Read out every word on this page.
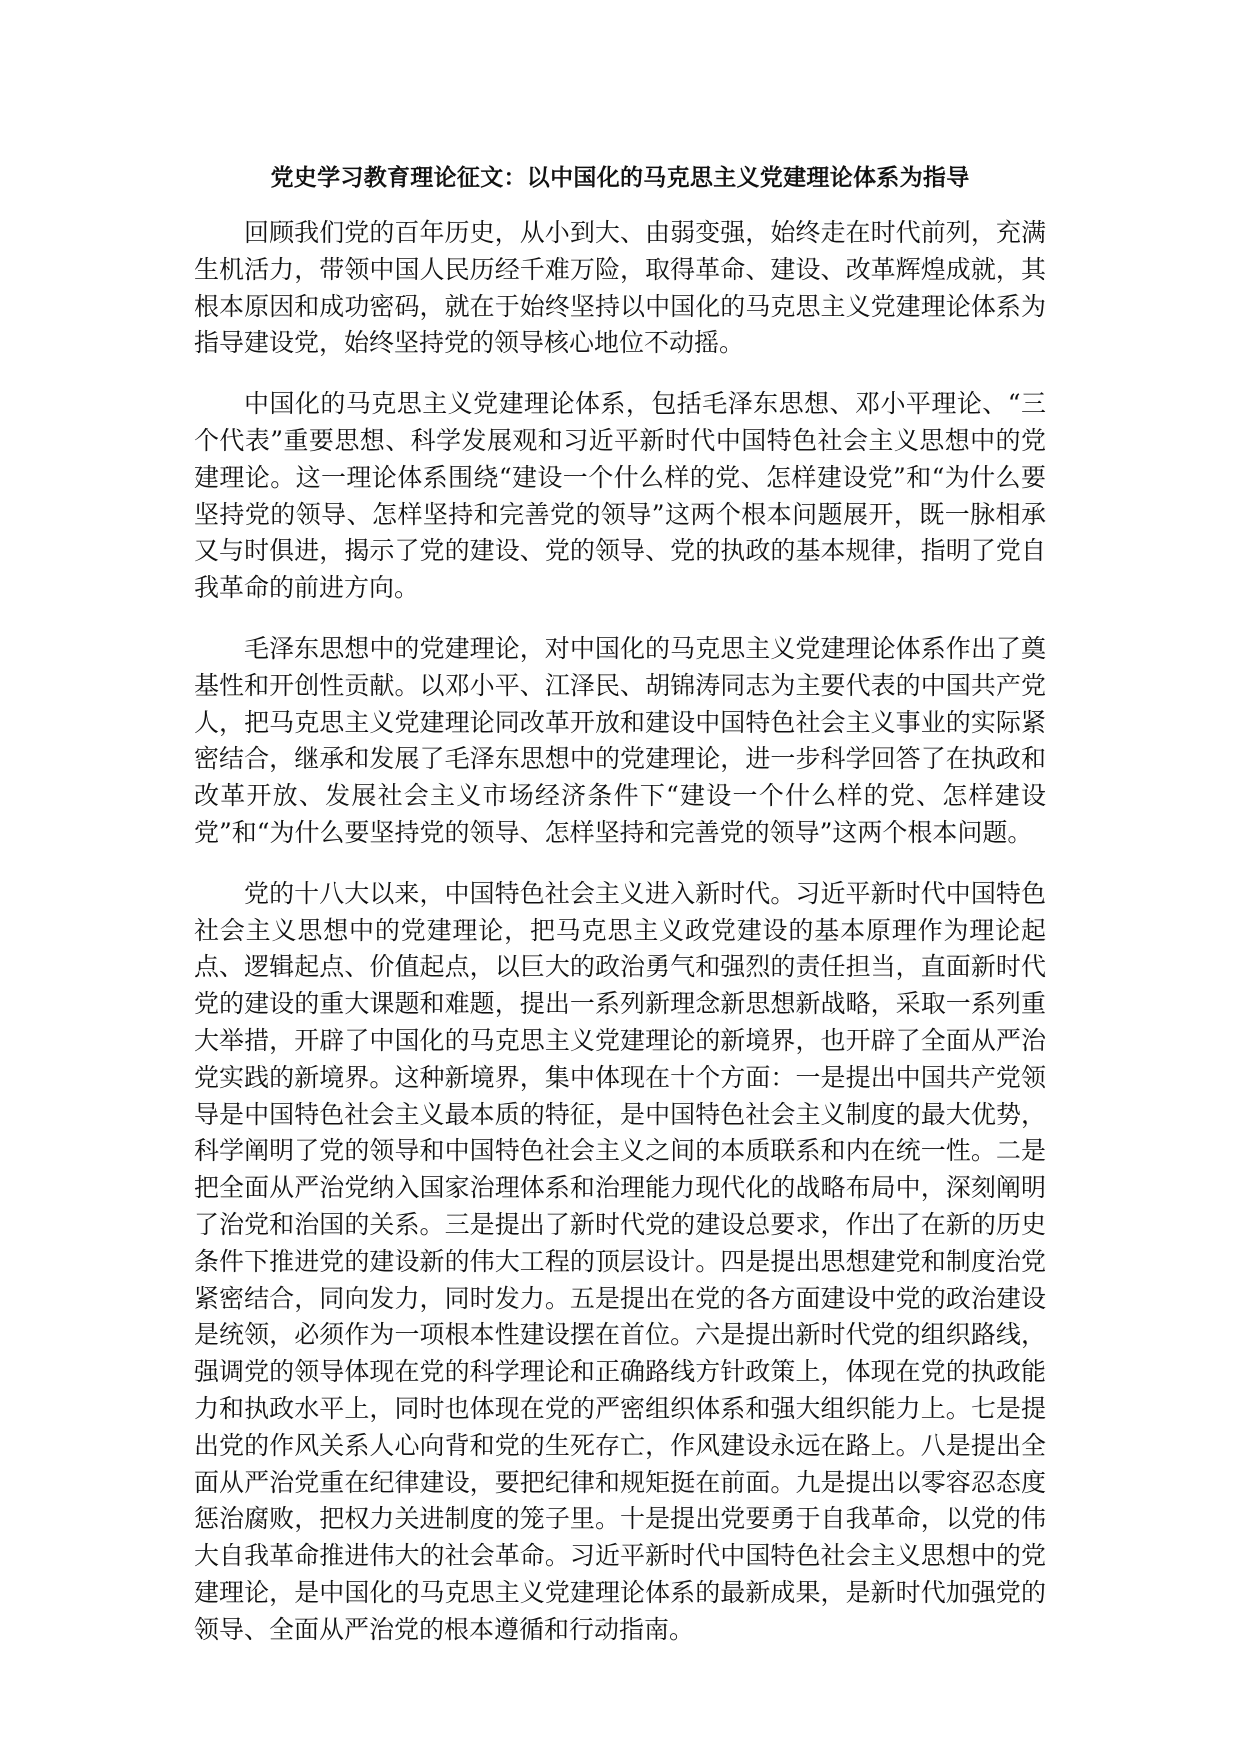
党史学习教育理论征文：以中国化的马克思主义党建理论体系为指导

回顾我们党的百年历史，从小到大、由弱变强，始终走在时代前列，充满生机活力，带领中国人民历经千难万险，取得革命、建设、改革辉煌成就，其根本原因和成功密码，就在于始终坚持以中国化的马克思主义党建理论体系为指导建设党，始终坚持党的领导核心地位不动摇。

中国化的马克思主义党建理论体系，包括毛泽东思想、邓小平理论、“三个代表”重要思想、科学发展观和习近平新时代中国特色社会主义思想中的党建理论。这一理论体系围绕“建设一个什么样的党、怎样建设党”和“为什么要坚持党的领导、怎样坚持和完善党的领导”这两个根本问题展开，既一脉相承又与时俱进，揭示了党的建设、党的领导、党的执政的基本规律，指明了党自我革命的前进方向。

毛泽东思想中的党建理论，对中国化的马克思主义党建理论体系作出了奠基性和开创性贡献。以邓小平、江泽民、胡锦涛同志为主要代表的中国共产党人，把马克思主义党建理论同改革开放和建设中国特色社会主义事业的实际紧密结合，继承和发展了毛泽东思想中的党建理论，进一步科学回答了在执政和改革开放、发展社会主义市场经济条件下“建设一个什么样的党、怎样建设党”和“为什么要坚持党的领导、怎样坚持和完善党的领导”这两个根本问题。

党的十八大以来，中国特色社会主义进入新时代。习近平新时代中国特色社会主义思想中的党建理论，把马克思主义政党建设的基本原理作为理论起点、逻辑起点、价值起点，以巨大的政治勇气和强烈的责任担当，直面新时代党的建设的重大课题和难题，提出一系列新理念新思想新战略，采取一系列重大举措，开辟了中国化的马克思主义党建理论的新境界，也开辟了全面从严治党实践的新境界。这种新境界，集中体现在十个方面：一是提出中国共产党领导是中国特色社会主义最本质的特征，是中国特色社会主义制度的最大优势，科学阐明了党的领导和中国特色社会主义之间的本质联系和内在统一性。二是把全面从严治党纳入国家治理体系和治理能力现代化的战略布局中，深刻阐明了治党和治国的关系。三是提出了新时代党的建设总要求，作出了在新的历史条件下推进党的建设新的伟大工程的顶层设计。四是提出思想建党和制度治党紧密结合，同向发力，同时发力。五是提出在党的各方面建设中党的政治建设是统领，必须作为一项根本性建设摆在首位。六是提出新时代党的组织路线，强调党的领导体现在党的科学理论和正确路线方针政策上，体现在党的执政能力和执政水平上，同时也体现在党的严密组织体系和强大组织能力上。七是提出党的作风关系人心向背和党的生死存亡，作风建设永远在路上。八是提出全面从严治党重在纪律建设，要把纪律和规矩挺在前面。九是提出以零容忍态度惩治腐败，把权力关进制度的笼子里。十是提出党要勇于自我革命，以党的伟大自我革命推进伟大的社会革命。习近平新时代中国特色社会主义思想中的党建理论，是中国化的马克思主义党建理论体系的最新成果，是新时代加强党的领导、全面从严治党的根本遵循和行动指南。
